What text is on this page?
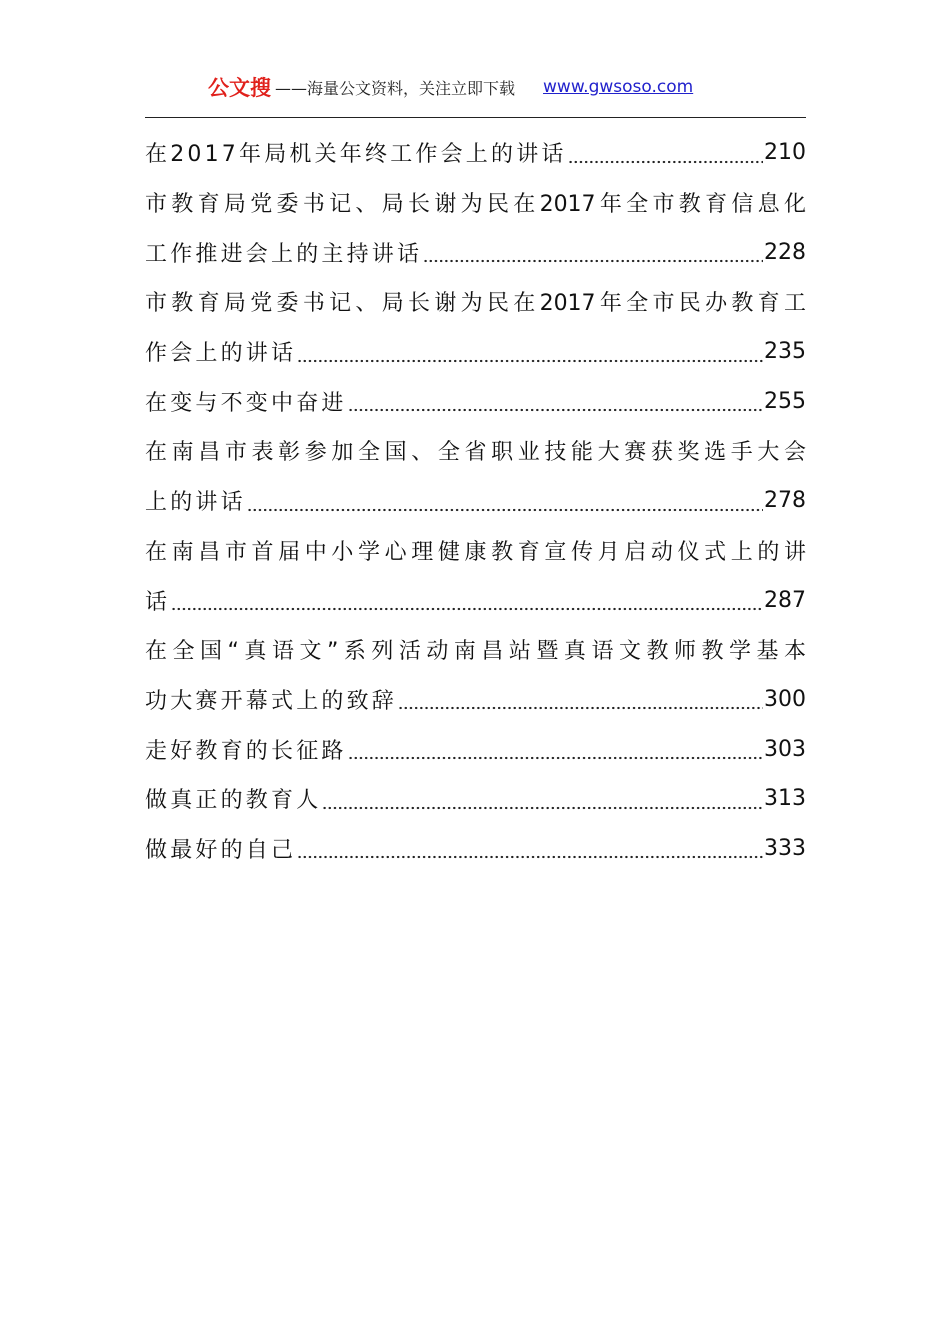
公文搜 ——海量公文资料，关注立即下载 www.gwsoso.com
在2017年局机关年终工作会上的讲话	210
市教育局党委书记、局长谢为民在2017年全市教育信息化
工作推进会上的主持讲话	228
市教育局党委书记、局长谢为民在2017年全市民办教育工
作会上的讲话	235
在变与不变中奋进	255
在南昌市表彰参加全国、全省职业技能大赛获奖选手大会
上的讲话	278
在南昌市首届中小学心理健康教育宣传月启动仪式上的讲
话	287
在全国“真语文”系列活动南昌站暨真语文教师教学基本
功大赛开幕式上的致辞	300
走好教育的长征路	303
做真正的教育人	313
做最好的自己	333
